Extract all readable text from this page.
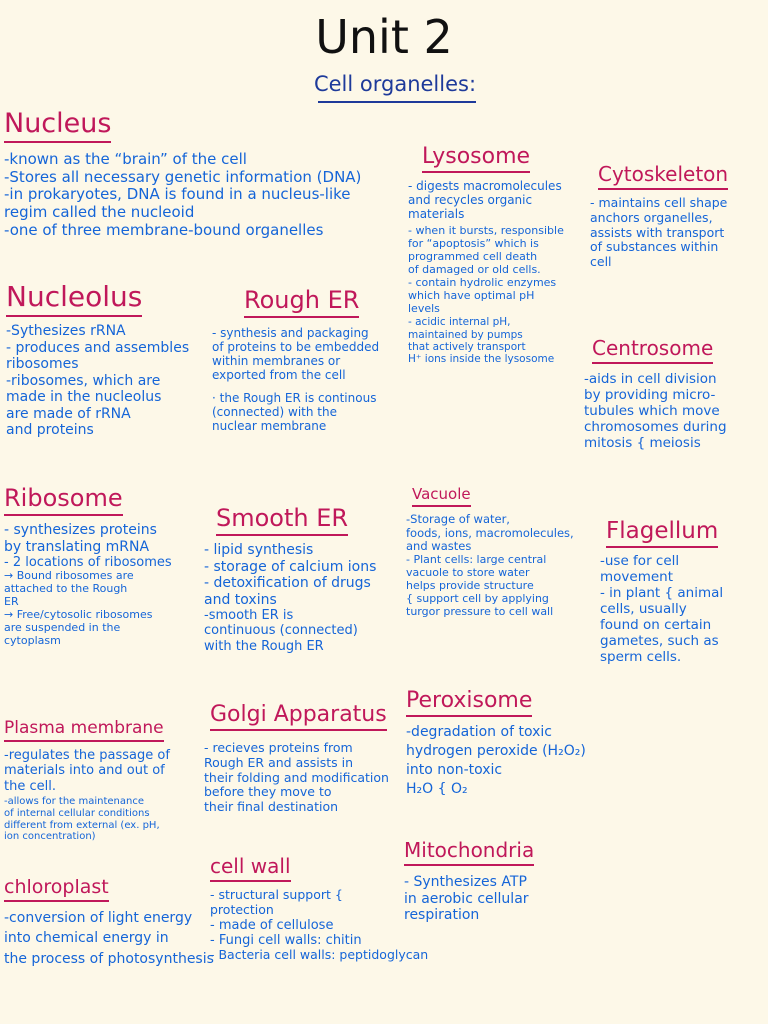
Unit 2
Cell organelles:
Nucleus
-known as the “brain” of the cell
-Stores all necessary genetic information (DNA)
-in prokaryotes, DNA is found in a nucleus-like
regim called the nucleoid
-one of three membrane-bound organelles
Nucleolus
-Sythesizes rRNA
- produces and assembles
ribosomes
-ribosomes, which are
made in the nucleolus
are made of rRNA
and proteins
Ribosome
- synthesizes proteins
by translating mRNA
- 2 locations of ribosomes
→ Bound ribosomes are
attached to the Rough
ER
→ Free/cytosolic ribosomes
are suspended in the
cytoplasm
Plasma membrane
-regulates the passage of
materials into and out of
the cell.
-allows for the maintenance
of internal cellular conditions
different from external (ex. pH,
ion concentration)
chloroplast
-conversion of light energy
into chemical energy in
the process of photosynthesis
Rough ER
- synthesis and packaging
of proteins to be embedded
within membranes or
exported from the cell
· the Rough ER is continous
(connected) with the
nuclear membrane
Smooth ER
- lipid synthesis
- storage of calcium ions
- detoxification of drugs
and toxins
-smooth ER is
continuous (connected)
with the Rough ER
Golgi Apparatus
- recieves proteins from
Rough ER and assists in
their folding and modification
before they move to
their final destination
cell wall
- structural support {
protection
- made of cellulose
- Fungi cell walls: chitin
- Bacteria cell walls: peptidoglycan
Lysosome
- digests macromolecules
and recycles organic
materials
- when it bursts, responsible
for “apoptosis” which is
programmed cell death
of damaged or old cells.
- contain hydrolic enzymes
which have optimal pH
levels
- acidic internal pH,
maintained by pumps
that actively transport
H⁺ ions inside the lysosome
Vacuole
-Storage of water,
foods, ions, macromolecules,
and wastes
- Plant cells: large central
vacuole to store water
helps provide structure
{ support cell by applying
turgor pressure to cell wall
Peroxisome
-degradation of toxic
hydrogen peroxide (H₂O₂)
into non-toxic
H₂O { O₂
Mitochondria
- Synthesizes ATP
in aerobic cellular
respiration
Cytoskeleton
- maintains cell shape
anchors organelles,
assists with transport
of substances within
cell
Centrosome
-aids in cell division
by providing micro-
tubules which move
chromosomes during
mitosis { meiosis
Flagellum
-use for cell
movement
- in plant { animal
cells, usually
found on certain
gametes, such as
sperm cells.
